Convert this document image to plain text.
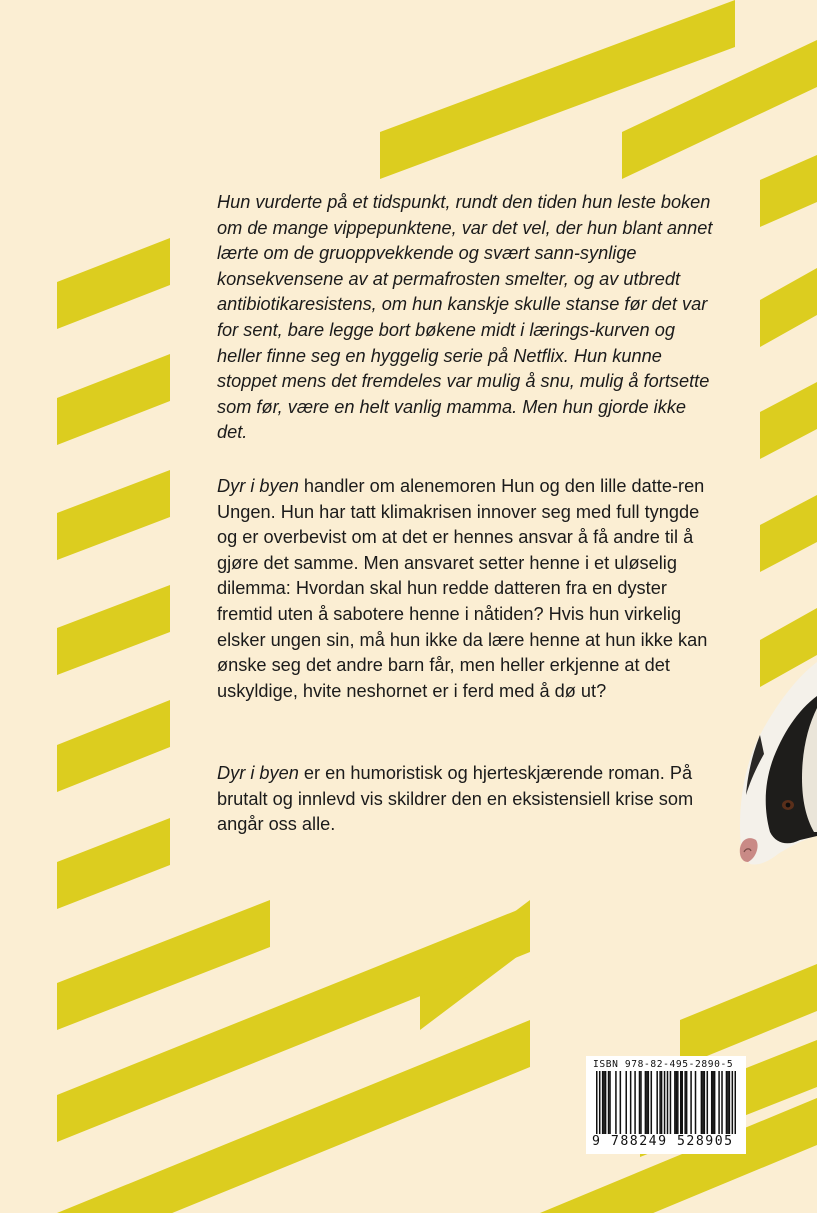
Hun vurderte på et tidspunkt, rundt den tiden hun leste boken om de mange vippepunktene, var det vel, der hun blant annet lærte om de gruoppvekkende og svært sann-synlige konsekvensene av at permafrosten smelter, og av utbredt antibiotikaresistens, om hun kanskje skulle stanse før det var for sent, bare legge bort bøkene midt i lærings-kurven og heller finne seg en hyggelig serie på Netflix. Hun kunne stoppet mens det fremdeles var mulig å snu, mulig å fortsette som før, være en helt vanlig mamma. Men hun gjorde ikke det.

Dyr i byen handler om alenemoren Hun og den lille datte-ren Ungen. Hun har tatt klimakrisen innover seg med full tyngde og er overbevist om at det er hennes ansvar å få andre til å gjøre det samme. Men ansvaret setter henne i et uløselig dilemma: Hvordan skal hun redde datteren fra en dyster fremtid uten å sabotere henne i nåtiden? Hvis hun virkelig elsker ungen sin, må hun ikke da lære henne at hun ikke kan ønske seg det andre barn får, men heller erkjenne at det uskyldige, hvite neshornet er i ferd med å dø ut?

Dyr i byen er en humoristisk og hjerteskjærende roman. På brutalt og innlevd vis skildrer den en eksistensiell krise som angår oss alle.

ISBN 978-82-495-2890-5
9 788249 528905
